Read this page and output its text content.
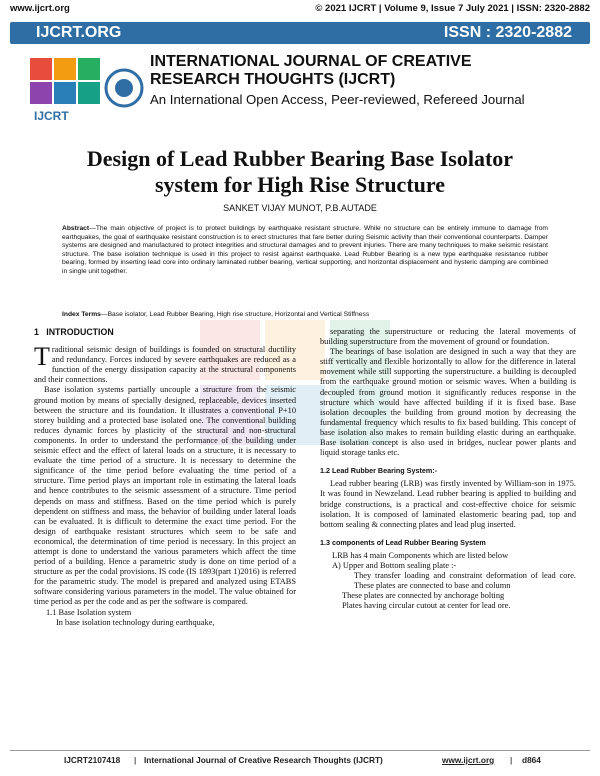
www.ijcrt.org	© 2021 IJCRT | Volume 9, Issue 7 July 2021 | ISSN: 2320-2882
IJCRT.ORG	ISSN : 2320-2882
IJCRT
INTERNATIONAL JOURNAL OF CREATIVE
RESEARCH THOUGHTS (IJCRT)
An International Open Access, Peer-reviewed, Refereed Journal
Design of Lead Rubber Bearing Base Isolator
system for High Rise Structure
SANKET VIJAY MUNOT, P.B.AUTADE
Abstract—The main objective of project is to protect buildings by earthquake resistant structure. While no structure can be entirely immune to damage from earthquakes, the goal of earthquake resistant construction is to erect structures that fare better during Seismic activity than their conventional counterparts. Damper systems are designed and manufactured to protect integrities and structural damages and to prevent injuries. There are many techniques to make seismic resistant structure. The base isolation technique is used in this project to resist against earthquake. Lead Rubber Bearing is a new type earthquake resistance rubber bearing, formed by inserting lead core into ordinary laminated rubber bearing, vertical supporting, and horizontal displacement and hysteric damping are combined in single unit together.
Index Terms—Base isolator, Lead Rubber Bearing, High rise structure, Horizontal and Vertical Stiffness
1 INTRODUCTION

Traditional seismic design of buildings is founded on structural ductility and redundancy. Forces induced by severe earthquakes are reduced as a function of the energy dissipation capacity at the structural components and their connections.

Base isolation systems partially uncouple a structure from the seismic ground motion by means of specially designed, replaceable, devices inserted between the structure and its foundation. It illustrates a conventional P+10 storey building and a protected base isolated one. The conventional building reduces dynamic forces by plasticity of the structural and non-structural components. In order to understand the performance of the building under seismic effect and the effect of lateral loads on a structure, it is necessary to evaluate the time period of a structure. It is necessary to determine the significance of the time period before evaluating the time period of a structure. Time period plays an important role in estimating the lateral loads and hence contributes to the seismic assessment of a structure. Time period depends on mass and stiffness. Based on the time period which is purely dependent on stiffness and mass, the behavior of building under lateral loads can be evaluated. It is difficult to determine the exact time period. For the design of earthquake resistant structures which seem to be safe and economical, the determination of time period is necessary. In this project an attempt is done to understand the various parameters which affect the time period of a building. Hence a parametric study is done on time period of a structure as per the codal provisions. IS code (IS 1893(part 1)2016) is referred for the parametric study. The model is prepared and analyzed using ETABS software considering various parameters in the model. The value obtained for time period as per the code and as per the software is compared.

1.1 Base Isolation system

In base isolation technology during earthquake,

separating the superstructure or reducing the lateral movements of building superstructure from the movement of ground or foundation.

The bearings of base isolation are designed in such a way that they are stiff vertically and flexible horizontally to allow for the difference in lateral movement while still supporting the superstructure. a building is decoupled from the earthquake ground motion or seismic waves. When a building is decoupled from ground motion it significantly reduces response in the structure which would have affected building if it is fixed base. Base isolation decouples the building from ground motion by decreasing the fundamental frequency which results to fix based building. This concept of base isolation also makes to remain building elastic during an earthquake. Base isolation concept is also used in bridges, nuclear power plants and liquid storage tanks etc.

1.2 Lead Rubber Bearing System:-

Lead rubber bearing (LRB) was firstly invented by William-son in 1975. It was found in Newzeland. Lead rubber bearing is applied to building and bridge constructions, is a practical and cost-effective choice for seismic isolation. It is composed of laminated elastomeric bearing pad, top and bottom sealing & connecting plates and lead plug inserted.

1.3 components of Lead Rubber Bearing System

LRB has 4 main Components which are listed below

A) Upper and Bottom sealing plate :-

They transfer loading and constraint deformation of lead core. These plates are connected to base and column

These plates are connected by anchorage bolting

Plates having circular cutout at center for lead ore.

IJCRT2107418 | International Journal of Creative Research Thoughts (IJCRT)	www.ijcrt.org | d864
